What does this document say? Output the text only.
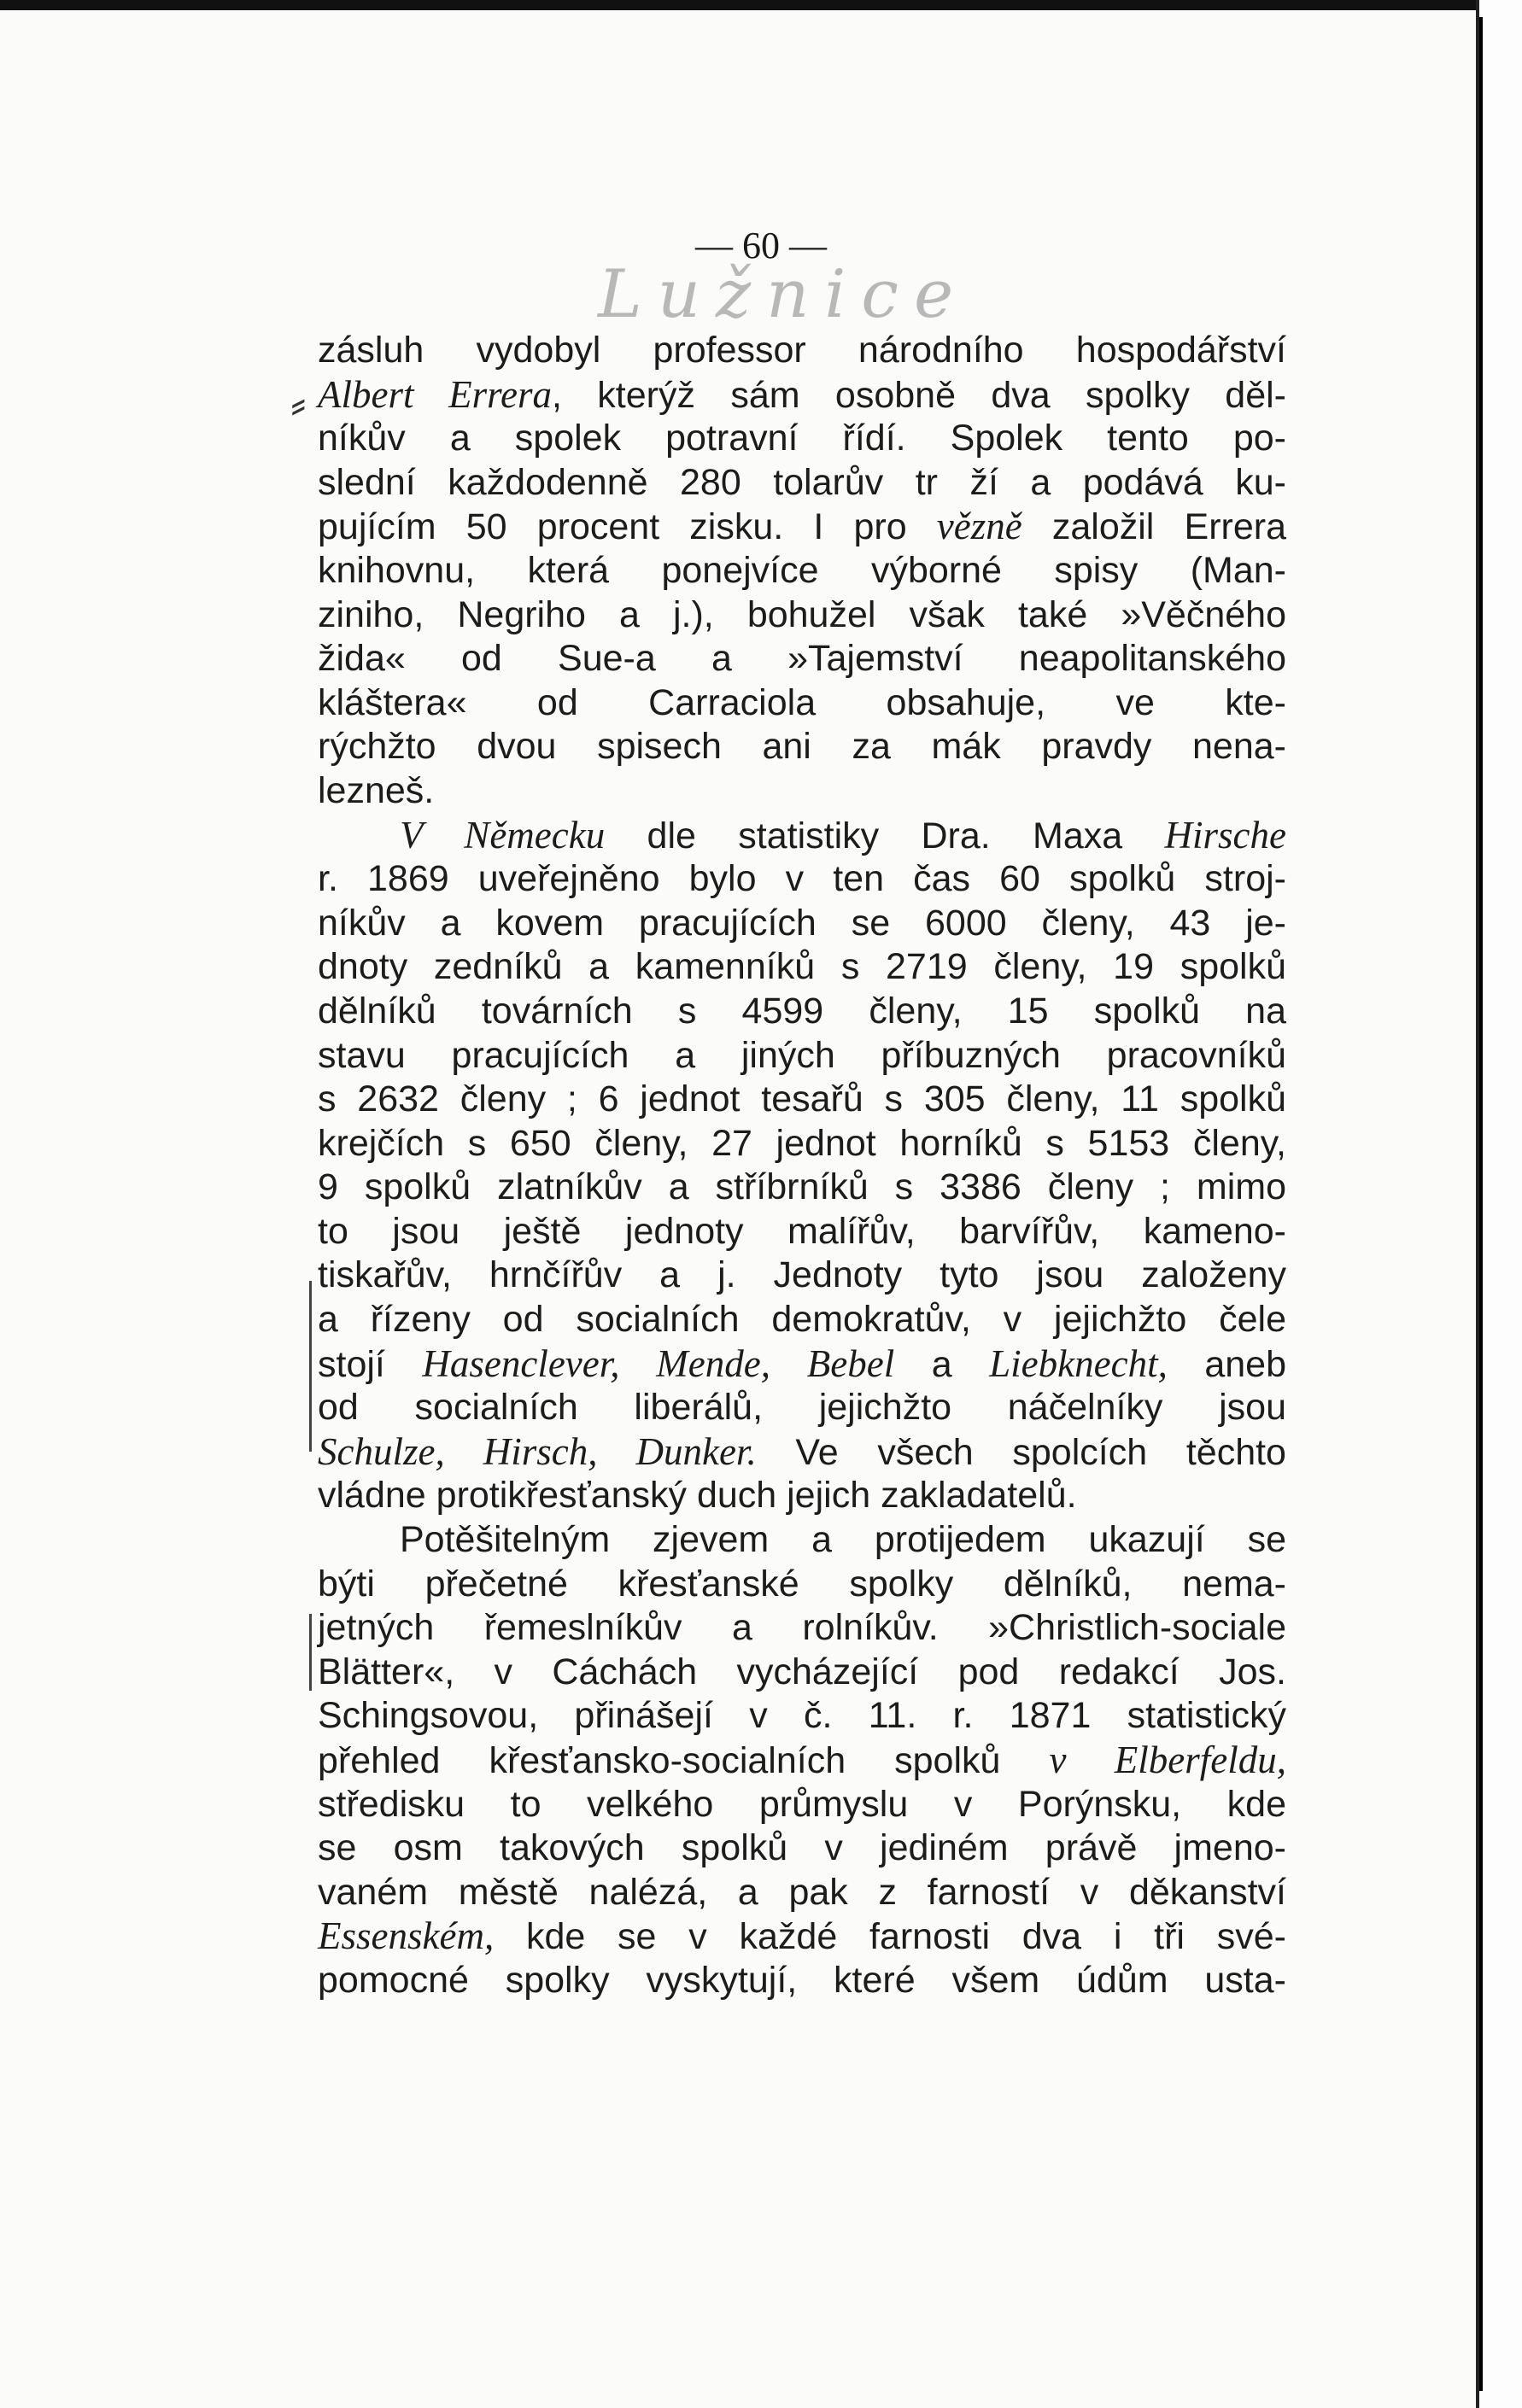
Lužnice
— 60 —
⸗
zásluh vydobyl professor národního hospodářství
Albert Errera, kterýž sám osobně dva spolky děl-
níkův a spolek potravní řídí. Spolek tento po-
slední každodenně 280 tolarův tr ží a podává ku-
pujícím 50 procent zisku. I pro vězně založil Errera
knihovnu, která ponejvíce výborné spisy (Man-
ziniho, Negriho a j.), bohužel však také »Věčného
žida« od Sue-a a »Tajemství neapolitanského
kláštera« od Carraciola obsahuje, ve kte-
rýchžto dvou spisech ani za mák pravdy nena-
lezneš.
V Německu dle statistiky Dra. Maxa Hirsche
r. 1869 uveřejněno bylo v ten čas 60 spolků stroj-
níkův a kovem pracujících se 6000 členy, 43 je-
dnoty zedníků a kamenníků s 2719 členy, 19 spolků
dělníků továrních s 4599 členy, 15 spolků na
stavu pracujících a jiných příbuzných pracovníků
s 2632 členy ; 6 jednot tesařů s 305 členy, 11 spolků
krejčích s 650 členy, 27 jednot horníků s 5153 členy,
9 spolků zlatníkův a stříbrníků s 3386 členy ; mimo
to jsou ještě jednoty malířův, barvířův, kameno-
tiskařův, hrnčířův a j. Jednoty tyto jsou založeny
a řízeny od socialních demokratův, v jejichžto čele
stojí Hasenclever, Mende, Bebel a Liebknecht, aneb
od socialních liberálů, jejichžto náčelníky jsou
Schulze, Hirsch, Dunker. Ve všech spolcích těchto
vládne protikřesťanský duch jejich zakladatelů.
Potěšitelným zjevem a protijedem ukazují se
býti přečetné křesťanské spolky dělníků, nema-
jetných řemeslníkův a rolníkův. »Christlich-sociale
Blätter«, v Cáchách vycházející pod redakcí Jos.
Schingsovou, přinášejí v č. 11. r. 1871 statistický
přehled křesťansko-socialních spolků v Elberfeldu,
středisku to velkého průmyslu v Porýnsku, kde
se osm takových spolků v jediném právě jmeno-
vaném městě nalézá, a pak z farností v děkanství
Essenském, kde se v každé farnosti dva i tři své-
pomocné spolky vyskytují, které všem údům usta-
